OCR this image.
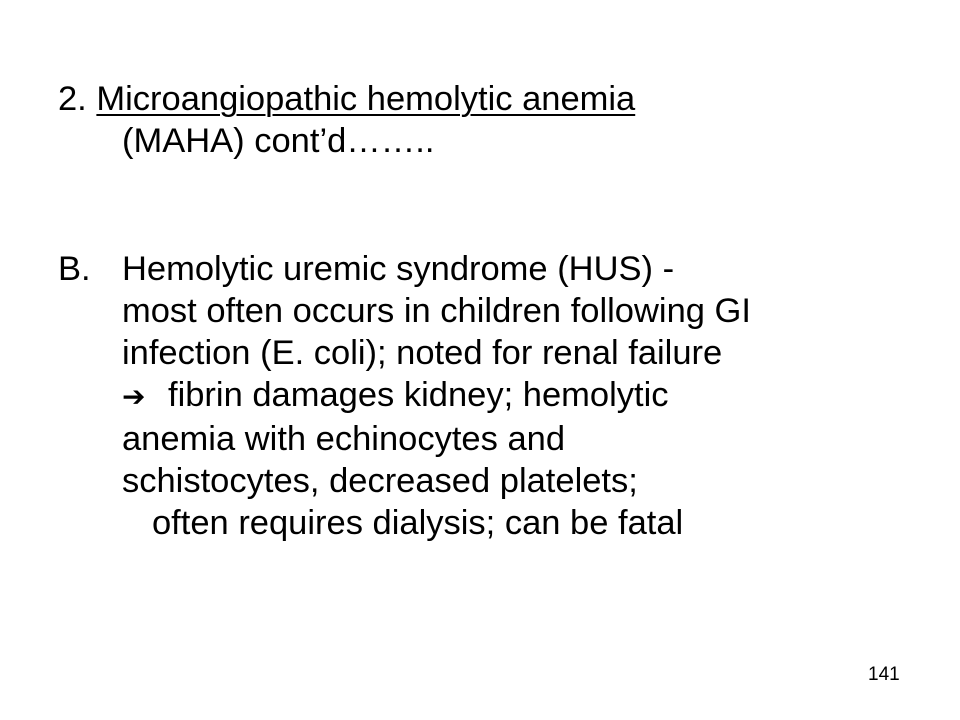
2. Microangiopathic hemolytic anemia
(MAHA) cont’d……..
B. Hemolytic uremic syndrome (HUS) -
most often occurs in children following GI
infection (E. coli); noted for renal failure
➔ fibrin damages kidney; hemolytic
anemia with echinocytes and
schistocytes, decreased platelets;
often requires dialysis; can be fatal
141
